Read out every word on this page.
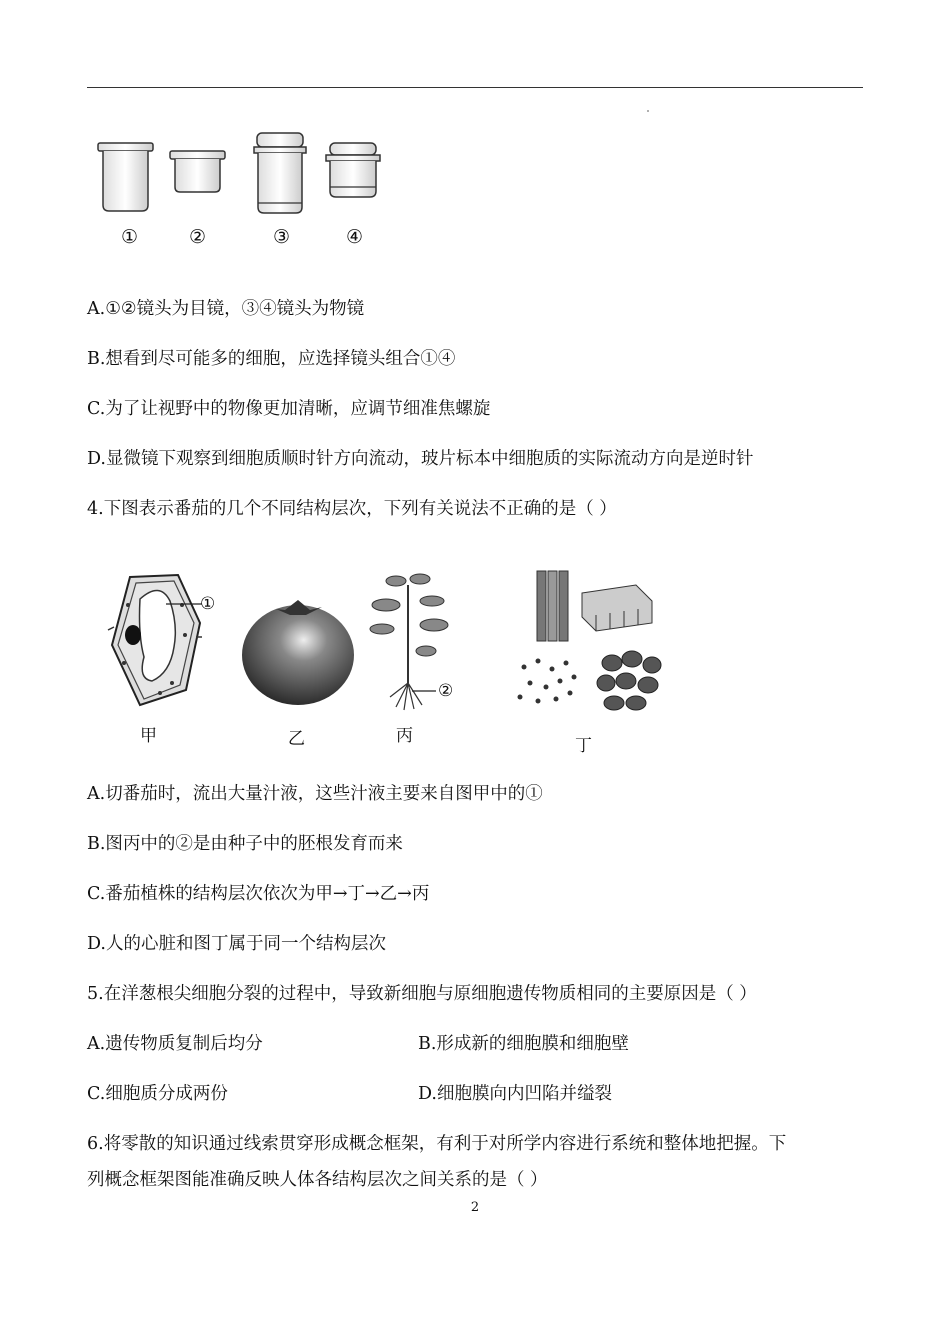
①	②	③	④
A.①②镜头为目镜，③④镜头为物镜
B.想看到尽可能多的细胞，应选择镜头组合①④
C.为了让视野中的物像更加清晰，应调节细准焦螺旋
D.显微镜下观察到细胞质顺时针方向流动，玻片标本中细胞质的实际流动方向是逆时针
4.下图表示番茄的几个不同结构层次，下列有关说法不正确的是（ ）
①
②
甲	乙	丙	丁
A.切番茄时，流出大量汁液，这些汁液主要来自图甲中的①
B.图丙中的②是由种子中的胚根发育而来
C.番茄植株的结构层次依次为甲→丁→乙→丙
D.人的心脏和图丁属于同一个结构层次
5.在洋葱根尖细胞分裂的过程中，导致新细胞与原细胞遗传物质相同的主要原因是（ ）
A.遗传物质复制后均分	B.形成新的细胞膜和细胞壁
C.细胞质分成两份	D.细胞膜向内凹陷并缢裂
6.将零散的知识通过线索贯穿形成概念框架，有利于对所学内容进行系统和整体地把握。下
列概念框架图能准确反映人体各结构层次之间关系的是（ ）
2
